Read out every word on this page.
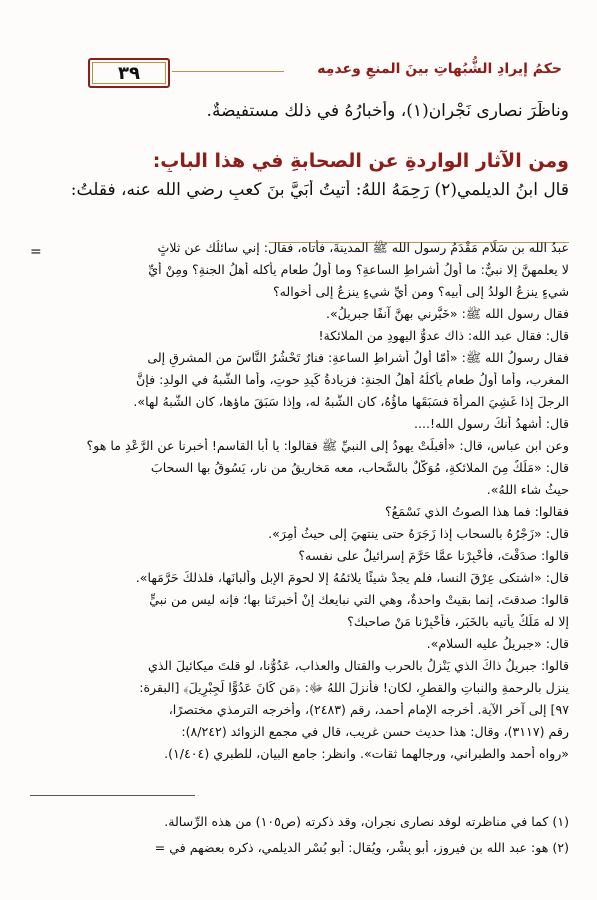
حكمُ إيرادِ الشُّبُهاتِ بينَ المنعِ وعدمِه
٣٩
وناظَرَ نصارى نَجْران(١)، وأخبارُهُ في ذلك مستفيضةٌ.
ومن الآثارِ الواردةِ عن الصحابةِ في هذا البابِ:
قال ابنُ الديلمي(٢) رَحِمَهُ اللهُ: أتيتُ أُبَيَّ بنَ كعبٍ رضي الله عنه، فقلتُ:
=	عبدُ الله بن سَلَام مَقْدَمُ رسول الله ﷺ المدينةَ، فأتاه، فقال: إني سائلُك عن ثلاثٍ
لا يعلمهنَّ إلا نبيٌّ: ما أولُ أشراطِ الساعةِ؟ وما أولُ طعامٍ يأكله أهلُ الجنةِ؟ ومِنْ أيِّ
شيءٍ ينزِعُ الولدُ إلى أبيه؟ ومن أيِّ شيءٍ ينزِعُ إلى أخواله؟
فقال رسول الله ﷺ: «خَبَّرني بهنَّ آنفًا جبريلُ».
قال: فقال عبد الله: ذاك عدوُّ اليهودِ من الملائكة!
فقال رسولُ الله ﷺ: «أمّا أولُ أشراطِ الساعةِ: فنارٌ تَحْشُرُ النَّاسَ من المشرقِ إلى
المغربِ، وأما أولُ طعامٍ يأكلُهُ أهلُ الجنةِ: فزيادةُ كَبِدِ حوتٍ، وأما الشَّبهُ في الولدِ: فإنَّ
الرجلَ إذا غَشِيَ المرأةَ فسَبَقَها ماؤُهُ، كان الشَّبهُ له، وإذا سَبَقَ ماؤها، كان الشَّبهُ لها».
قال: أشهدُ أنكَ رسول الله!....
وعن ابن عباس، قال: «أقبلَتْ يهودُ إلى النبيِّ ﷺ فقالوا: يا أبا القاسم! أخبرنا عن الرَّعْدِ ما هو؟
قال: «مَلَكٌ مِنَ الملائكةِ، مُوَكَّلٌ بالسَّحابِ، معه مَخاريقُ من نارٍ، يَسُوقُ بها السحابَ
حيثُ شاء اللهُ».
فقالوا: فما هذا الصوتُ الذي نَسْمَعُ؟
قال: «زَجْرُهُ بالسحابِ إذا زَجَرَهُ حتى ينتهيَ إلى حيثُ أُمِرَ».
قالوا: صدَقْتَ، فأَخْبِرْنا عمَّا حَرَّمَ إسرائيلُ على نفسه؟
قال: «اشتكى عِرْقَ النسا، فلم يجدْ شيئًا يلائمُهُ إلا لحومَ الإبلِ وألبانَها، فلذلكَ حَرَّمَها».
قالوا: صدقتَ، إنما بقيتْ واحدةٌ، وهي التي نبايعك إنْ أخبرتَنا بها؛ فإنه ليس من نبيٍّ
إلا له مَلَكٌ يأتيه بالخَبَرِ، فأَخْبِرْنا مَنْ صاحبك؟
قال: «جبريلُ عليه السلام».
قالوا: جبريلُ ذاكَ الذي يَنْزِلُ بالحربِ والقتالِ والعذابِ، عَدُوُّنا، لو قلتَ ميكائيلَ الذي
ينزل بالرحمةِ والنباتِ والقطرِ، لكان! فأنزلَ اللهُ ﷻ: ﴿مَن كَانَ عَدُوًّا لِّجِبْرِيلَ﴾ [البقرة:
٩٧] إلى آخر الآية. أخرجه الإمام أحمد، رقم (٢٤٨٣)، وأخرجه الترمذي مختصرًا،
رقم (٣١١٧)، وقال: هذا حديث حسن غريب، قال في مجمع الزوائد (٨/٢٤٢):
«رواه أحمد والطبراني، ورجالهما ثقات». وانظر: جامع البيان، للطبري (١/٤٠٤).
(١) كما في مناظرته لوفد نصارى نجران، وقد ذكرته (ص١٠٥) من هذه الرِّسالة.
(٢) هو: عبد الله بن فيروز، أبو بِشْر، ويُقال: أبو بُسْر الديلمي، ذكره بعضهم في =
